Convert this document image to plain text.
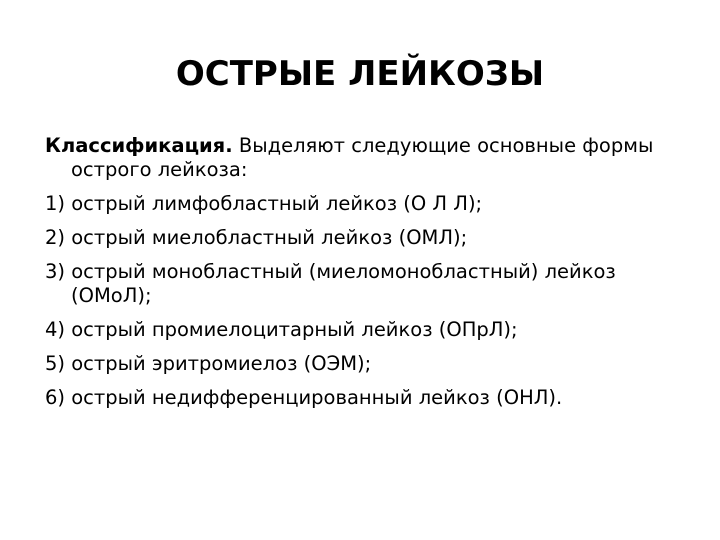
ОСТРЫЕ ЛЕЙКОЗЫ

Классификация. Выделяют следующие основные формы острого лейкоза:

1) острый лимфобластный лейкоз (О Л Л);

2) острый миелобластный лейкоз (ОМЛ);

3) острый монобластный (миеломонобластный) лейкоз (ОМоЛ);

4) острый промиелоцитарный лейкоз (ОПрЛ);

5) острый эритромиелоз (ОЭМ);

6) острый недифференцированный лейкоз (ОНЛ).
